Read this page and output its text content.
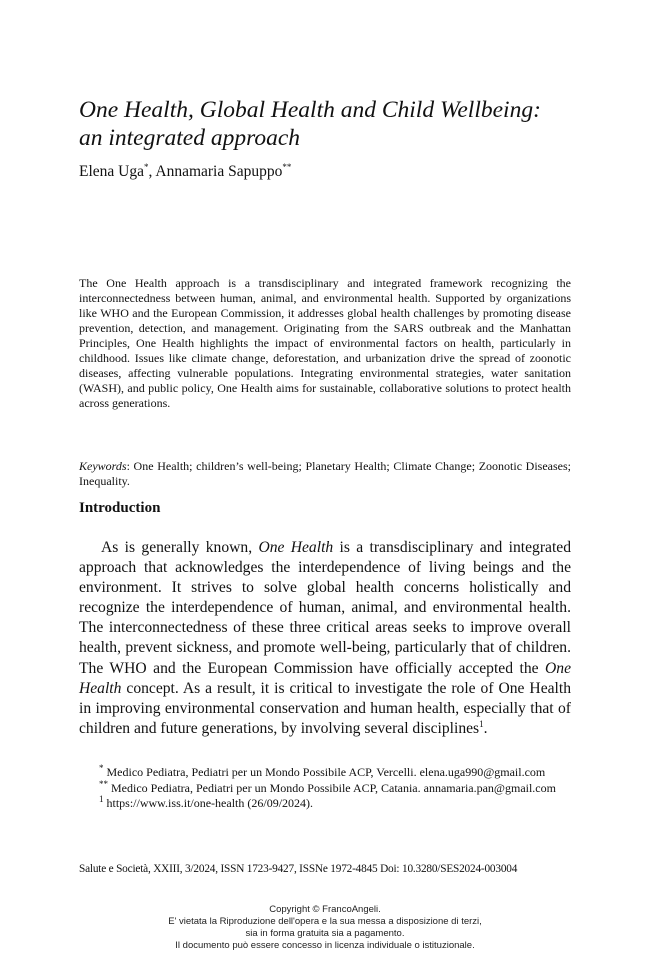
One Health, Global Health and Child Wellbeing:
an integrated approach
Elena Uga*, Annamaria Sapuppo**
The One Health approach is a transdisciplinary and integrated framework recognizing the interconnectedness between human, animal, and environmental health. Supported by organizations like WHO and the European Commission, it addresses global health challenges by promoting disease prevention, detection, and management. Originating from the SARS outbreak and the Manhattan Principles, One Health highlights the impact of environmental factors on health, particularly in childhood. Issues like climate change, deforestation, and urbanization drive the spread of zoonotic diseases, affecting vulnerable populations. Integrating environmental strategies, water sanitation (WASH), and public policy, One Health aims for sustainable, collaborative solutions to protect health across generations.
Keywords: One Health; children’s well-being; Planetary Health; Climate Change; Zoonotic Diseases; Inequality.
Introduction

As is generally known, One Health is a transdisciplinary and integrated approach that acknowledges the interdependence of living beings and the environment. It strives to solve global health concerns holistically and recognize the interdependence of human, animal, and environmental health. The interconnectedness of these three critical areas seeks to improve overall health, prevent sickness, and promote well-being, particularly that of children. The WHO and the European Commission have officially accepted the One Health concept. As a result, it is critical to investigate the role of One Health in improving environmental conservation and human health, especially that of children and future generations, by involving several disciplines$^1$.

* Medico Pediatra, Pediatri per un Mondo Possibile ACP, Vercelli. elena.uga990@gmail.com

** Medico Pediatra, Pediatri per un Mondo Possibile ACP, Catania. annamaria.pan@gmail.com

$^1$ https://www.iss.it/one-health (26/09/2024).

Salute e Società, XXIII, 3/2024, ISSN 1723-9427, ISSNe 1972-4845 Doi: 10.3280/SES2024-003004
Copyright © FrancoAngeli.
E' vietata la Riproduzione dell'opera e la sua messa a disposizione di terzi,
sia in forma gratuita sia a pagamento.
Il documento può essere concesso in licenza individuale o istituzionale.
